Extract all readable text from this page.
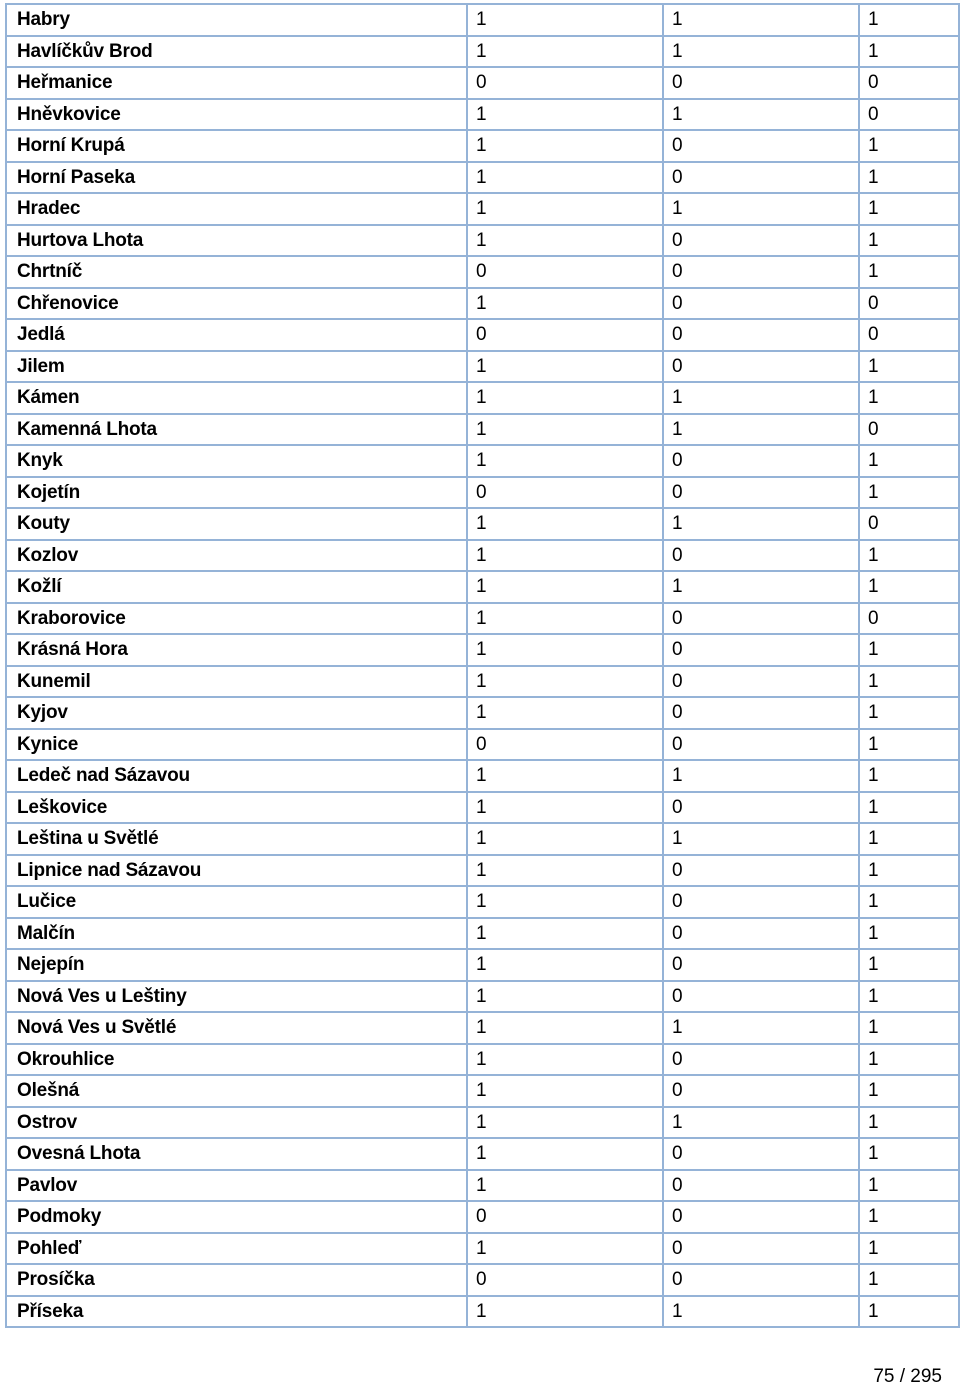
Habry	1	1	1
Havlíčkův Brod	1	1	1
Heřmanice	0	0	0
Hněvkovice	1	1	0
Horní Krupá	1	0	1
Horní Paseka	1	0	1
Hradec	1	1	1
Hurtova Lhota	1	0	1
Chrtníč	0	0	1
Chřenovice	1	0	0
Jedlá	0	0	0
Jilem	1	0	1
Kámen	1	1	1
Kamenná Lhota	1	1	0
Knyk	1	0	1
Kojetín	0	0	1
Kouty	1	1	0
Kozlov	1	0	1
Kožlí	1	1	1
Kraborovice	1	0	0
Krásná Hora	1	0	1
Kunemil	1	0	1
Kyjov	1	0	1
Kynice	0	0	1
Ledeč nad Sázavou	1	1	1
Leškovice	1	0	1
Leština u Světlé	1	1	1
Lipnice nad Sázavou	1	0	1
Lučice	1	0	1
Malčín	1	0	1
Nejepín	1	0	1
Nová Ves u Leštiny	1	0	1
Nová Ves u Světlé	1	1	1
Okrouhlice	1	0	1
Olešná	1	0	1
Ostrov	1	1	1
Ovesná Lhota	1	0	1
Pavlov	1	0	1
Podmoky	0	0	1
Pohleď	1	0	1
Prosíčka	0	0	1
Příseka	1	1	1
75 / 295
